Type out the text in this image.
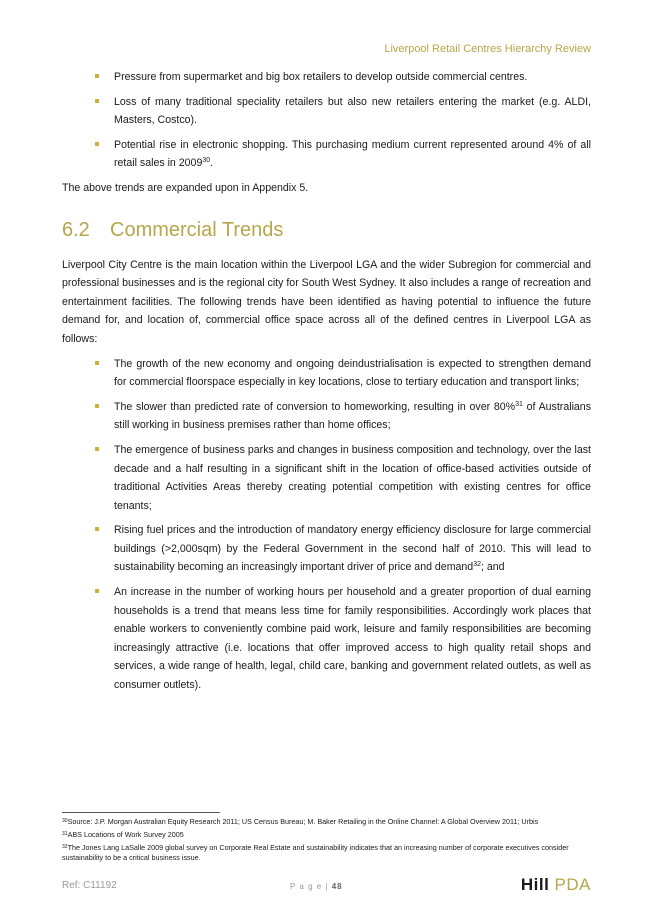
Liverpool Retail Centres Hierarchy Review
Pressure from supermarket and big box retailers to develop outside commercial centres.
Loss of many traditional speciality retailers but also new retailers entering the market (e.g. ALDI, Masters, Costco).
Potential rise in electronic shopping. This purchasing medium current represented around 4% of all retail sales in 2009$^{30}$.

The above trends are expanded upon in Appendix 5.

6.2 Commercial Trends

Liverpool City Centre is the main location within the Liverpool LGA and the wider Subregion for commercial and professional businesses and is the regional city for South West Sydney. It also includes a range of recreation and entertainment facilities. The following trends have been identified as having potential to influence the future demand for, and location of, commercial office space across all of the defined centres in Liverpool LGA as follows:

The growth of the new economy and ongoing deindustrialisation is expected to strengthen demand for commercial floorspace especially in key locations, close to tertiary education and transport links;
The slower than predicted rate of conversion to homeworking, resulting in over 80%$^{31}$ of Australians still working in business premises rather than home offices;
The emergence of business parks and changes in business composition and technology, over the last decade and a half resulting in a significant shift in the location of office-based activities outside of traditional Activities Areas thereby creating potential competition with existing centres for office tenants;
Rising fuel prices and the introduction of mandatory energy efficiency disclosure for large commercial buildings (>2,000sqm) by the Federal Government in the second half of 2010. This will lead to sustainability becoming an increasingly important driver of price and demand$^{32}$; and
An increase in the number of working hours per household and a greater proportion of dual earning households is a trend that means less time for family responsibilities. Accordingly work places that enable workers to conveniently combine paid work, leisure and family responsibilities are becoming increasingly attractive (i.e. locations that offer improved access to high quality retail shops and services, a wide range of health, legal, child care, banking and government related outlets, as well as consumer outlets).
$^{30}$Source: J.P. Morgan Australian Equity Research 2011; US Census Bureau; M. Baker Retailing in the Online Channel: A Global Overview 2011; Urbis
$^{31}$ABS Locations of Work Survey 2005
$^{32}$The Jones Lang LaSalle 2009 global survey on Corporate Real Estate and sustainability indicates that an increasing number of corporate executives consider sustainability to be a critical business issue.
Ref: C11192	P a g e | 48	Hill PDA
